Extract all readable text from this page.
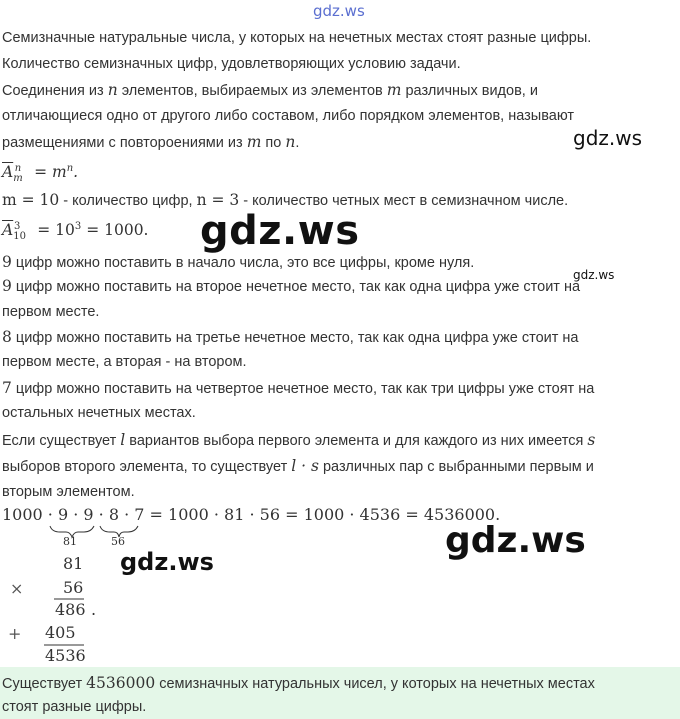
gdz.ws
Семизначные натуральные числа, у которых на нечетных местах стоят разные цифры.
Количество семизначных цифр, удовлетворяющих условию задачи.
Соединения из n элементов, выбираемых из элементов m различных видов, и
отличающиеся одно от другого либо составом, либо порядком элементов, называют
размещениями с повтороениями из m по n.	gdz.ws
$\overline{A}_m^n = m^n$.
m = 10 - количество цифр, n = 3 - количество четных мест в семизначном числе.
$\overline{A}_{10}^3 = 10^3 = 1000$. gdz.ws
9 цифр можно поставить в начало числа, это все цифры, кроме нуля.
gdz.ws
9 цифр можно поставить на второе нечетное место, так как одна цифра уже стоит на
первом месте.
8 цифр можно поставить на третье нечетное место, так как одна цифра уже стоит на
первом месте, а вторая - на втором.
7 цифр можно поставить на четвертое нечетное место, так как три цифры уже стоят на
остальных нечетных местах.
Если существует l вариантов выбора первого элемента и для каждого из них имеется s
выборов второго элемента, то существует l · s различных пар с выбранными первым и
вторым элементом.
1000 · 9 · 9 · 8 · 7 = 1000 · 81 · 56 = 1000 · 4536 = 4536000.
81	56	gdz.ws
gdz.ws
81
× 56
486 .
+ 405
4536
Существует 4536000 семизначных натуральных чисел, у которых на нечетных местах
стоят разные цифры.
